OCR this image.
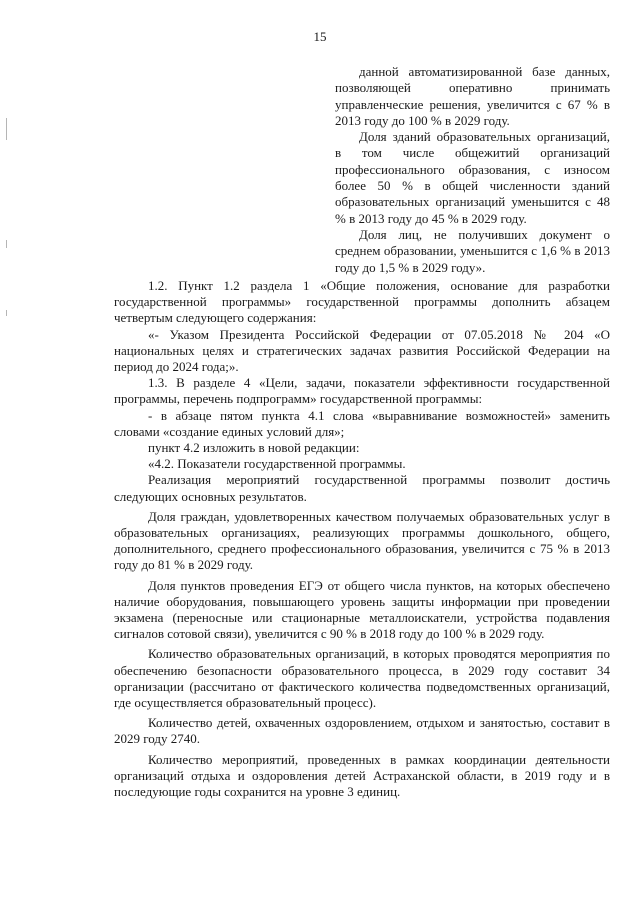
15

данной автоматизированной базе данных, позволяющей оперативно принимать управленческие решения, увеличится с 67 % в 2013 году до 100 % в 2029 году.

Доля зданий образовательных организаций, в том числе общежитий организаций профессионального образования, с износом более 50 % в общей численности зданий образовательных организаций уменьшится с 48 % в 2013 году до 45 % в 2029 году.

Доля лиц, не получивших документ о среднем образовании, уменьшится с 1,6 % в 2013 году до 1,5 % в 2029 году».

1.2. Пункт 1.2 раздела 1 «Общие положения, основание для разработки государственной программы» государственной программы дополнить абзацем четвертым следующего содержания:

«- Указом Президента Российской Федерации от 07.05.2018 № 204 «О национальных целях и стратегических задачах развития Российской Федерации на период до 2024 года;».

1.3. В разделе 4 «Цели, задачи, показатели эффективности государственной программы, перечень подпрограмм» государственной программы:

- в абзаце пятом пункта 4.1 слова «выравнивание возможностей» заменить словами «создание единых условий для»;

пункт 4.2 изложить в новой редакции:

«4.2. Показатели государственной программы.

Реализация мероприятий государственной программы позволит достичь следующих основных результатов.

Доля граждан, удовлетворенных качеством получаемых образовательных услуг в образовательных организациях, реализующих программы дошкольного, общего, дополнительного, среднего профессионального образования, увеличится с 75 % в 2013 году до 81 % в 2029 году.

Доля пунктов проведения ЕГЭ от общего числа пунктов, на которых обеспечено наличие оборудования, повышающего уровень защиты информации при проведении экзамена (переносные или стационарные металлоискатели, устройства подавления сигналов сотовой связи), увеличится с 90 % в 2018 году до 100 % в 2029 году.

Количество образовательных организаций, в которых проводятся мероприятия по обеспечению безопасности образовательного процесса, в 2029 году составит 34 организации (рассчитано от фактического количества подведомственных организаций, где осуществляется образовательный процесс).

Количество детей, охваченных оздоровлением, отдыхом и занятостью, составит в 2029 году 2740.

Количество мероприятий, проведенных в рамках координации деятельности организаций отдыха и оздоровления детей Астраханской области, в 2019 году и в последующие годы сохранится на уровне 3 единиц.
